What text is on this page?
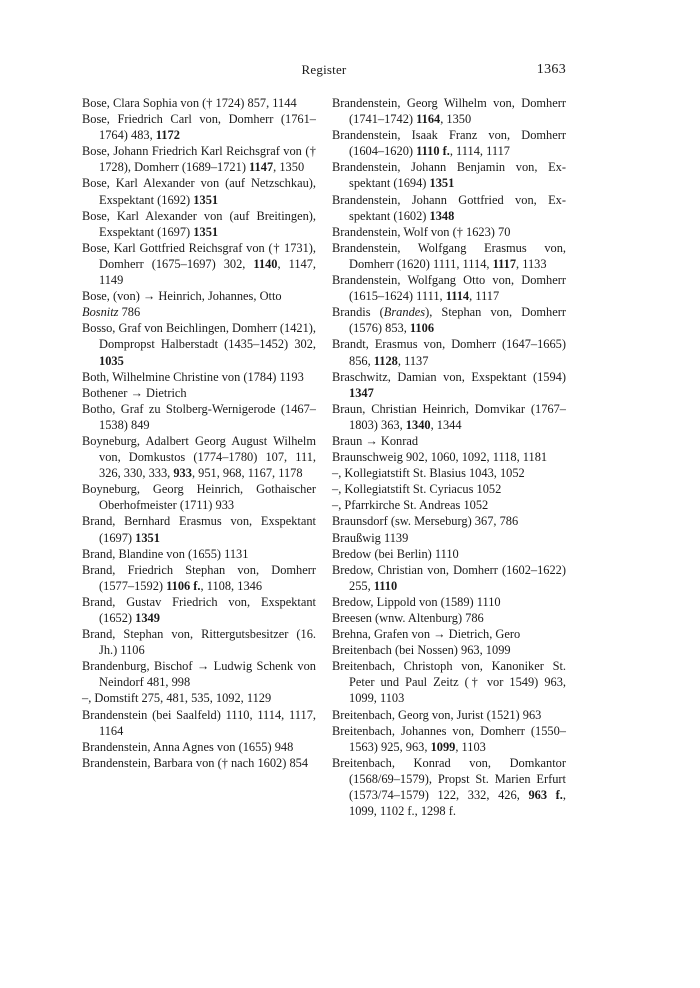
Register	1363

Bose, Clara Sophia von († 1724) 857, 1144

Bose, Friedrich Carl von, Domherr (1761–1764) 483, 1172

Bose, Johann Friedrich Karl Reichsgraf von († 1728), Domherr (1689–1721) 1147, 1350

Bose, Karl Alexander von (auf Netzschkau), Exspektant (1692) 1351

Bose, Karl Alexander von (auf Breitingen), Exspektant (1697) 1351

Bose, Karl Gottfried Reichsgraf von († 1731), Domherr (1675–1697) 302, 1140, 1147, 1149

Bose, (von) → Heinrich, Johannes, Otto

Bosnitz 786

Bosso, Graf von Beichlingen, Domherr (1421), Dompropst Halberstadt (1435–1452) 302, 1035

Both, Wilhelmine Christine von (1784) 1193

Bothener → Dietrich

Botho, Graf zu Stolberg-Wernigerode (1467–1538) 849

Boyneburg, Adalbert Georg August Wilhelm von, Domkustos (1774–1780) 107, 111, 326, 330, 333, 933, 951, 968, 1167, 1178

Boyneburg, Georg Heinrich, Gothaischer Oberhofmeister (1711) 933

Brand, Bernhard Erasmus von, Exspektant (1697) 1351

Brand, Blandine von (1655) 1131

Brand, Friedrich Stephan von, Domherr (1577–1592) 1106 f., 1108, 1346

Brand, Gustav Friedrich von, Exspektant (1652) 1349

Brand, Stephan von, Rittergutsbesitzer (16. Jh.) 1106

Brandenburg, Bischof → Ludwig Schenk von Neindorf 481, 998

–, Domstift 275, 481, 535, 1092, 1129

Brandenstein (bei Saalfeld) 1110, 1114, 1117, 1164

Brandenstein, Anna Agnes von (1655) 948

Brandenstein, Barbara von († nach 1602) 854

Brandenstein, Georg Wilhelm von, Domherr (1741–1742) 1164, 1350

Brandenstein, Isaak Franz von, Domherr (1604–1620) 1110 f., 1114, 1117

Brandenstein, Johann Benjamin von, Exspektant (1694) 1351

Brandenstein, Johann Gottfried von, Exspektant (1602) 1348

Brandenstein, Wolf von († 1623) 70

Brandenstein, Wolfgang Erasmus von, Domherr (1620) 1111, 1114, 1117, 1133

Brandenstein, Wolfgang Otto von, Domherr (1615–1624) 1111, 1114, 1117

Brandis (Brandes), Stephan von, Domherr (1576) 853, 1106

Brandt, Erasmus von, Domherr (1647–1665) 856, 1128, 1137

Braschwitz, Damian von, Exspektant (1594) 1347

Braun, Christian Heinrich, Domvikar (1767–1803) 363, 1340, 1344

Braun → Konrad

Braunschweig 902, 1060, 1092, 1118, 1181

–, Kollegiatstift St. Blasius 1043, 1052

–, Kollegiatstift St. Cyriacus 1052

–, Pfarrkirche St. Andreas 1052

Braunsdorf (sw. Merseburg) 367, 786

Braußwig 1139

Bredow (bei Berlin) 1110

Bredow, Christian von, Domherr (1602–1622) 255, 1110

Bredow, Lippold von (1589) 1110

Breesen (wnw. Altenburg) 786

Brehna, Grafen von → Dietrich, Gero

Breitenbach (bei Nossen) 963, 1099

Breitenbach, Christoph von, Kanoniker St. Peter und Paul Zeitz († vor 1549) 963, 1099, 1103

Breitenbach, Georg von, Jurist (1521) 963

Breitenbach, Johannes von, Domherr (1550–1563) 925, 963, 1099, 1103

Breitenbach, Konrad von, Domkantor (1568/69–1579), Propst St. Marien Erfurt (1573/74–1579) 122, 332, 426, 963 f., 1099, 1102 f., 1298 f.
